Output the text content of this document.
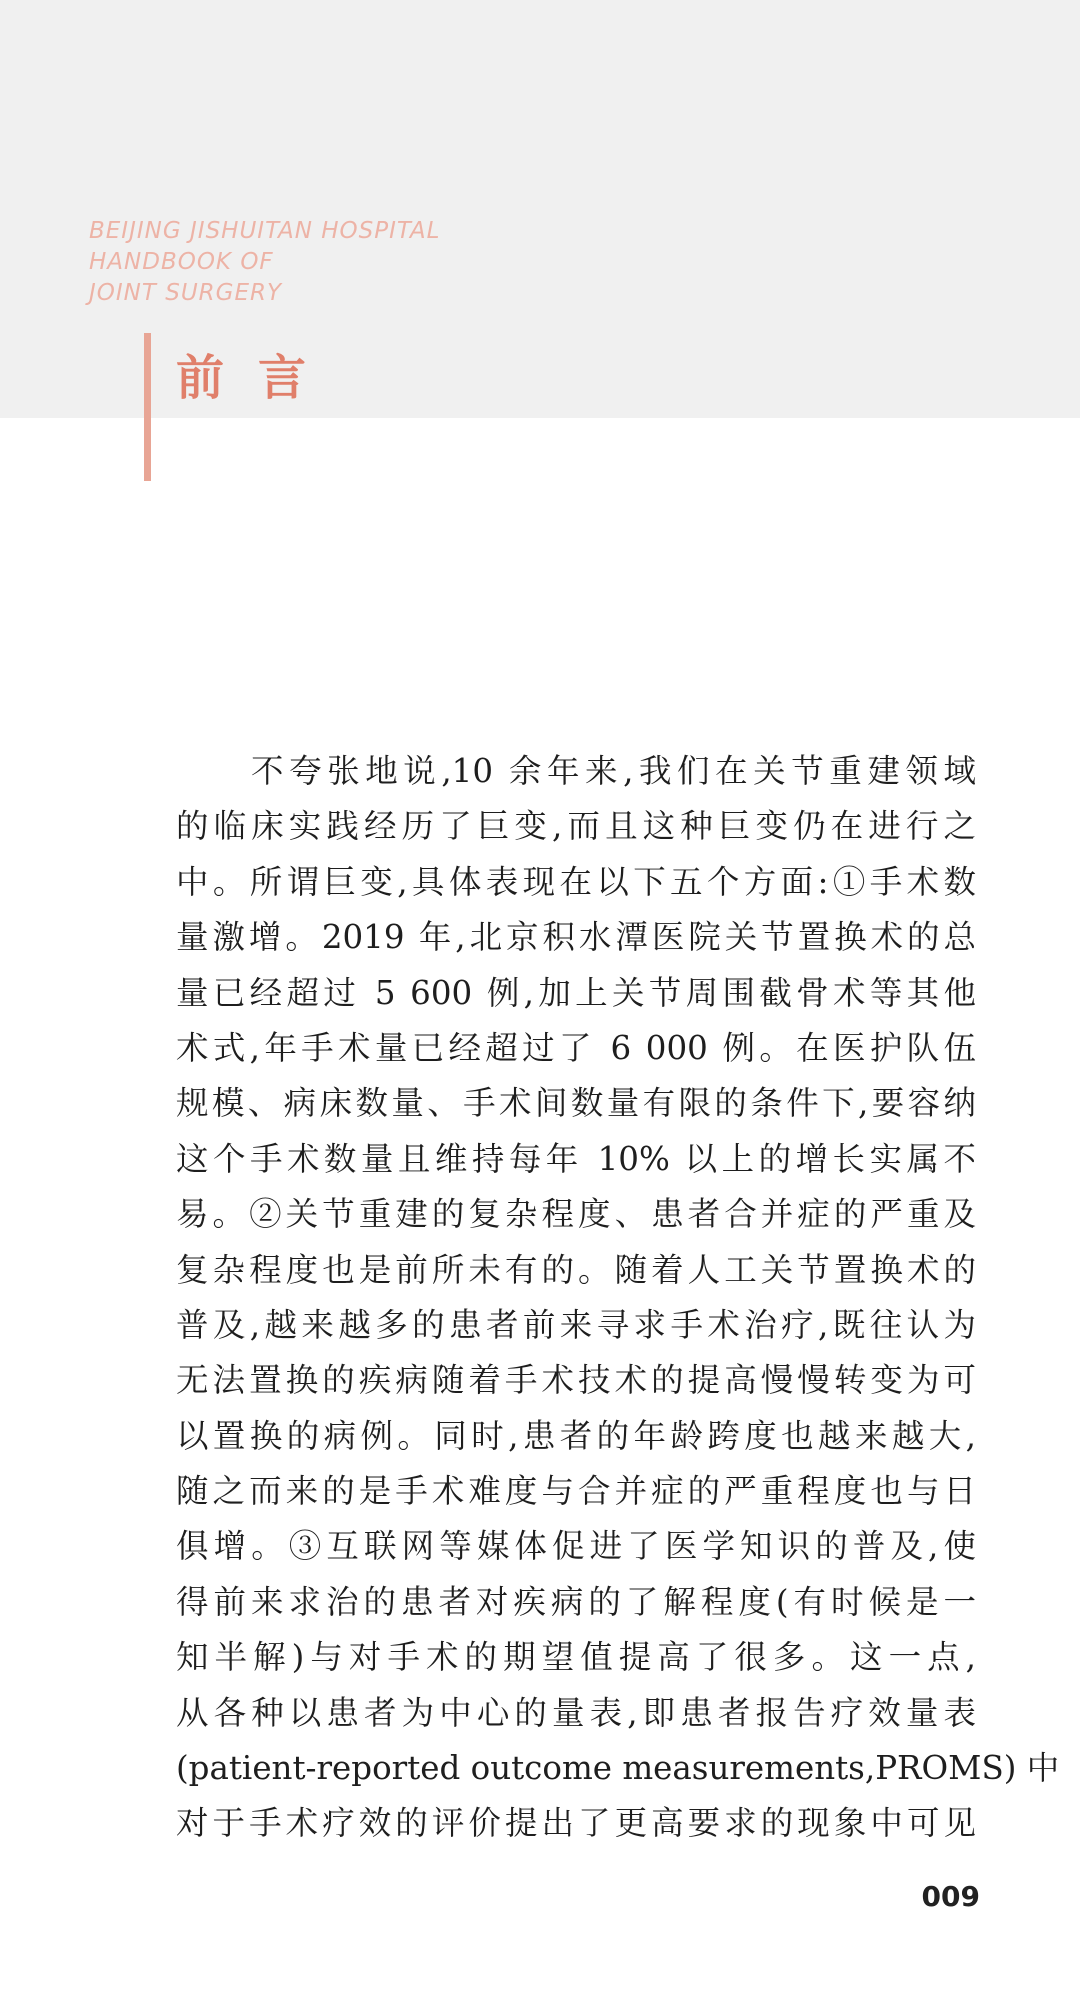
BEIJING JISHUITAN HOSPITAL
HANDBOOK OF
JOINT SURGERY
前言
不夸张地说,10 余年来,我们在关节重建领域
的临床实践经历了巨变,而且这种巨变仍在进行之
中。所谓巨变,具体表现在以下五个方面:①手术数
量激增。2019 年,北京积水潭医院关节置换术的总
量已经超过 5 600 例,加上关节周围截骨术等其他
术式,年手术量已经超过了 6 000 例。在医护队伍
规模、病床数量、手术间数量有限的条件下,要容纳
这个手术数量且维持每年 10% 以上的增长实属不
易。②关节重建的复杂程度、患者合并症的严重及
复杂程度也是前所未有的。随着人工关节置换术的
普及,越来越多的患者前来寻求手术治疗,既往认为
无法置换的疾病随着手术技术的提高慢慢转变为可
以置换的病例。同时,患者的年龄跨度也越来越大,
随之而来的是手术难度与合并症的严重程度也与日
俱增。③互联网等媒体促进了医学知识的普及,使
得前来求治的患者对疾病的了解程度(有时候是一
知半解)与对手术的期望值提高了很多。这一点,
从各种以患者为中心的量表,即患者报告疗效量表
(patient-reported outcome measurements,PROMS) 中
对于手术疗效的评价提出了更高要求的现象中可见

009
